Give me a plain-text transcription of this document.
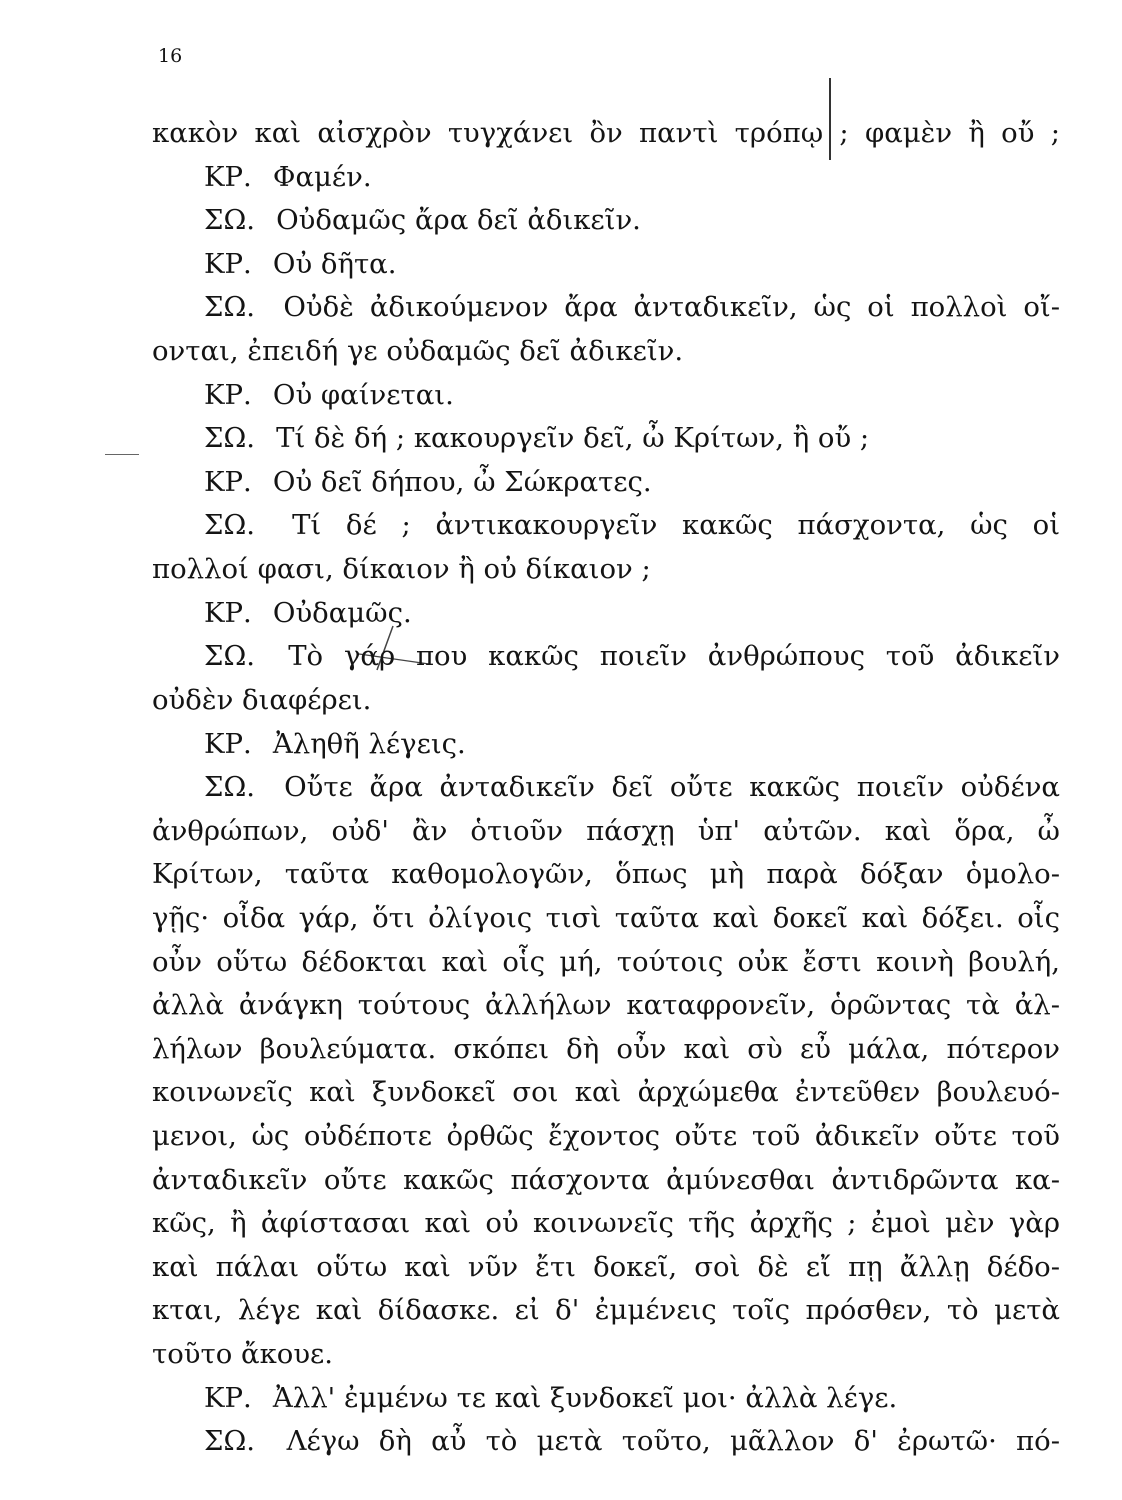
16
κακὸν καὶ αἰσχρὸν τυγχάνει ὂν παντὶ τρόπῳ ; φαμὲν ἢ οὔ ;
ΚΡ. Φαμέν.
ΣΩ. Οὐδαμῶς ἄρα δεῖ ἀδικεῖν.
ΚΡ. Οὐ δῆτα.
ΣΩ. Οὐδὲ ἀδικούμενον ἄρα ἀνταδικεῖν, ὡς οἱ πολλοὶ οἴ-
ονται, ἐπειδή γε οὐδαμῶς δεῖ ἀδικεῖν.
ΚΡ. Οὐ φαίνεται.
ΣΩ. Τί δὲ δή ; κακουργεῖν δεῖ, ὦ Κρίτων, ἢ οὔ ;
ΚΡ. Οὐ δεῖ δήπου, ὦ Σώκρατες.
ΣΩ. Τί δέ ; ἀντικακουργεῖν κακῶς πάσχοντα, ὡς οἱ
πολλοί φασι, δίκαιον ἢ οὐ δίκαιον ;
ΚΡ. Οὐδαμῶς.
ΣΩ. Τὸ γάρ που κακῶς ποιεῖν ἀνθρώπους τοῦ ἀδικεῖν
οὐδὲν διαφέρει.
ΚΡ. Ἀληθῆ λέγεις.
ΣΩ. Οὔτε ἄρα ἀνταδικεῖν δεῖ οὔτε κακῶς ποιεῖν οὐδένα
ἀνθρώπων, οὐδ' ἂν ὁτιοῦν πάσχῃ ὑπ' αὐτῶν. καὶ ὅρα, ὦ
Κρίτων, ταῦτα καθομολογῶν, ὅπως μὴ παρὰ δόξαν ὁμολο-
γῇς· οἶδα γάρ, ὅτι ὀλίγοις τισὶ ταῦτα καὶ δοκεῖ καὶ δόξει. οἷς
οὖν οὕτω δέδοκται καὶ οἷς μή, τούτοις οὐκ ἔστι κοινὴ βουλή,
ἀλλὰ ἀνάγκη τούτους ἀλλήλων καταφρονεῖν, ὁρῶντας τὰ ἀλ-
λήλων βουλεύματα. σκόπει δὴ οὖν καὶ σὺ εὖ μάλα, πότερον
κοινωνεῖς καὶ ξυνδοκεῖ σοι καὶ ἀρχώμεθα ἐντεῦθεν βουλευό-
μενοι, ὡς οὐδέποτε ὀρθῶς ἔχοντος οὔτε τοῦ ἀδικεῖν οὔτε τοῦ
ἀνταδικεῖν οὔτε κακῶς πάσχοντα ἀμύνεσθαι ἀντιδρῶντα κα-
κῶς, ἢ ἀφίστασαι καὶ οὐ κοινωνεῖς τῆς ἀρχῆς ; ἐμοὶ μὲν γὰρ
καὶ πάλαι οὕτω καὶ νῦν ἔτι δοκεῖ, σοὶ δὲ εἴ πῃ ἄλλῃ δέδο-
κται, λέγε καὶ δίδασκε. εἰ δ' ἐμμένεις τοῖς πρόσθεν, τὸ μετὰ
τοῦτο ἄκουε.
ΚΡ. Ἀλλ' ἐμμένω τε καὶ ξυνδοκεῖ μοι· ἀλλὰ λέγε.
ΣΩ. Λέγω δὴ αὖ τὸ μετὰ τοῦτο, μᾶλλον δ' ἐρωτῶ· πό-
